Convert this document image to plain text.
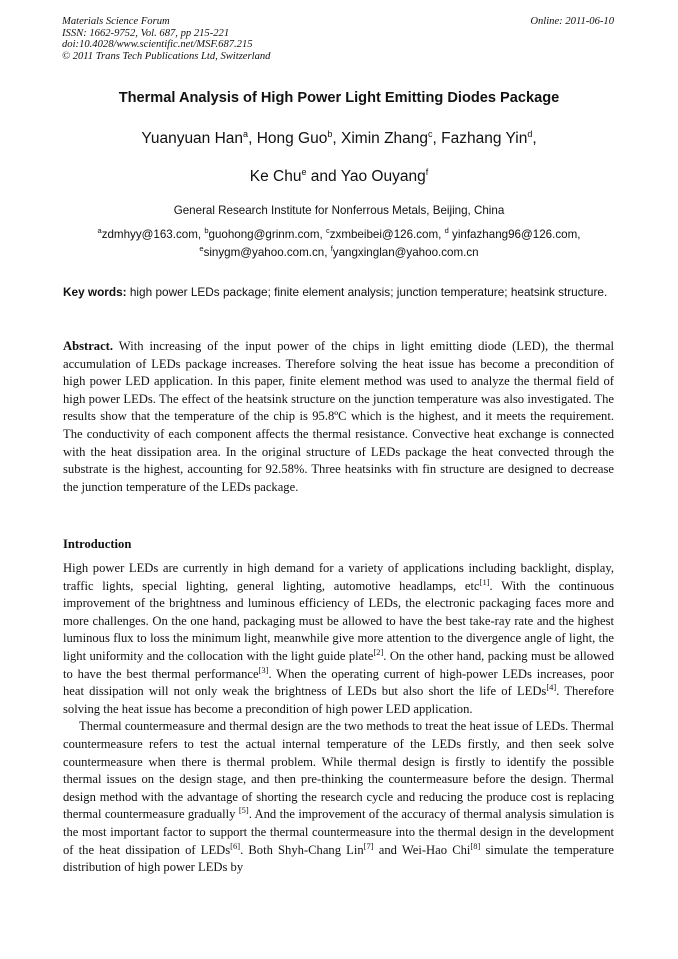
Materials Science Forum
ISSN: 1662-9752, Vol. 687, pp 215-221
doi:10.4028/www.scientific.net/MSF.687.215
© 2011 Trans Tech Publications Ltd, Switzerland
Online: 2011-06-10
Thermal Analysis of High Power Light Emitting Diodes Package
Yuanyuan Han$^a$, Hong Guo$^b$, Ximin Zhang$^c$, Fazhang Yin$^d$,
Ke Chu$^e$ and Yao Ouyang$^f$
General Research Institute for Nonferrous Metals, Beijing, China
$^a$zdmhyy@163.com, $^b$guohong@grinm.com, $^c$zxmbeibei@126.com, $^d$ yinfazhang96@126.com,
$^e$sinygm@yahoo.com.cn, $^f$yangxinglan@yahoo.com.cn
Key words: high power LEDs package; finite element analysis; junction temperature; heatsink structure.
Abstract. With increasing of the input power of the chips in light emitting diode (LED), the thermal accumulation of LEDs package increases. Therefore solving the heat issue has become a precondition of high power LED application. In this paper, finite element method was used to analyze the thermal field of high power LEDs. The effect of the heatsink structure on the junction temperature was also investigated. The results show that the temperature of the chip is 95.8ºC which is the highest, and it meets the requirement. The conductivity of each component affects the thermal resistance. Convective heat exchange is connected with the heat dissipation area. In the original structure of LEDs package the heat convected through the substrate is the highest, accounting for 92.58%. Three heatsinks with fin structure are designed to decrease the junction temperature of the LEDs package.
Introduction

High power LEDs are currently in high demand for a variety of applications including backlight, display, traffic lights, special lighting, general lighting, automotive headlamps, etc[1]. With the continuous improvement of the brightness and luminous efficiency of LEDs, the electronic packaging faces more and more challenges. On the one hand, packaging must be allowed to have the best take-ray rate and the highest luminous flux to loss the minimum light, meanwhile give more attention to the divergence angle of light, the light uniformity and the collocation with the light guide plate[2]. On the other hand, packing must be allowed to have the best thermal performance[3]. When the operating current of high-power LEDs increases, poor heat dissipation will not only weak the brightness of LEDs but also short the life of LEDs[4]. Therefore solving the heat issue has become a precondition of high power LED application.

Thermal countermeasure and thermal design are the two methods to treat the heat issue of LEDs. Thermal countermeasure refers to test the actual internal temperature of the LEDs firstly, and then seek solve countermeasure when there is thermal problem. While thermal design is firstly to identify the possible thermal issues on the design stage, and then pre-thinking the countermeasure before the design. Thermal design method with the advantage of shorting the research cycle and reducing the produce cost is replacing thermal countermeasure gradually [5]. And the improvement of the accuracy of thermal analysis simulation is the most important factor to support the thermal countermeasure into the thermal design in the development of the heat dissipation of LEDs[6]. Both Shyh-Chang Lin[7] and Wei-Hao Chi[8] simulate the temperature distribution of high power LEDs by
